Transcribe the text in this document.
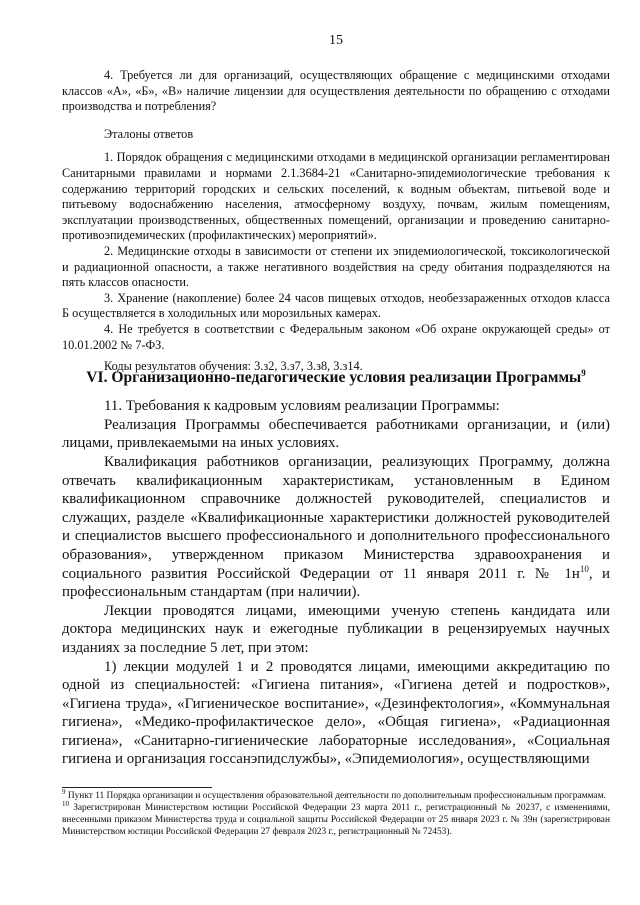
15

4. Требуется ли для организаций, осуществляющих обращение с медицинскими отходами классов «А», «Б», «В» наличие лицензии для осуществления деятельности по обращению с отходами производства и потребления?

Эталоны ответов

1. Порядок обращения с медицинскими отходами в медицинской организации регламентирован Санитарными правилами и нормами 2.1.3684-21 «Санитарно-эпидемиологические требования к содержанию территорий городских и сельских поселений, к водным объектам, питьевой воде и питьевому водоснабжению населения, атмосферному воздуху, почвам, жилым помещениям, эксплуатации производственных, общественных помещений, организации и проведению санитарно-противоэпидемических (профилактических) мероприятий».

2. Медицинские отходы в зависимости от степени их эпидемиологической, токсикологической и радиационной опасности, а также негативного воздействия на среду обитания подразделяются на пять классов опасности.

3. Хранение (накопление) более 24 часов пищевых отходов, необеззараженных отходов класса Б осуществляется в холодильных или морозильных камерах.

4. Не требуется в соответствии с Федеральным законом «Об охране окружающей среды» от 10.01.2002 № 7-ФЗ.

Коды результатов обучения: 3.з2, 3.з7, 3.з8, 3.з14.

VI. Организационно-педагогические условия реализации Программы$^9$

11. Требования к кадровым условиям реализации Программы:

Реализация Программы обеспечивается работниками организации, и (или) лицами, привлекаемыми на иных условиях.

Квалификация работников организации, реализующих Программу, должна отвечать квалификационным характеристикам, установленным в Едином квалификационном справочнике должностей руководителей, специалистов и служащих, разделе «Квалификационные характеристики должностей руководителей и специалистов высшего профессионального и дополнительного профессионального образования», утвержденном приказом Министерства здравоохранения и социального развития Российской Федерации от 11 января 2011 г. № $1н^{10}$, и профессиональным стандартам (при наличии).

Лекции проводятся лицами, имеющими ученую степень кандидата или доктора медицинских наук и ежегодные публикации в рецензируемых научных изданиях за последние 5 лет, при этом:

1) лекции модулей 1 и 2 проводятся лицами, имеющими аккредитацию по одной из специальностей: «Гигиена питания», «Гигиена детей и подростков», «Гигиена труда», «Гигиеническое воспитание», «Дезинфектология», «Коммунальная гигиена», «Медико-профилактическое дело», «Общая гигиена», «Радиационная гигиена», «Санитарно-гигиенические лабораторные исследования», «Социальная гигиена и организация госсанэпидслужбы», «Эпидемиология», осуществляющими

$^9$ Пункт 11 Порядка организации и осуществления образовательной деятельности по дополнительным профессиональным программам.

$^{10}$ Зарегистрирован Министерством юстиции Российской Федерации 23 марта 2011 г., регистрационный № 20237, с изменениями, внесенными приказом Министерства труда и социальной защиты Российской Федерации от 25 января 2023 г. № 39н (зарегистрирован Министерством юстиции Российской Федерации 27 февраля 2023 г., регистрационный № 72453).
